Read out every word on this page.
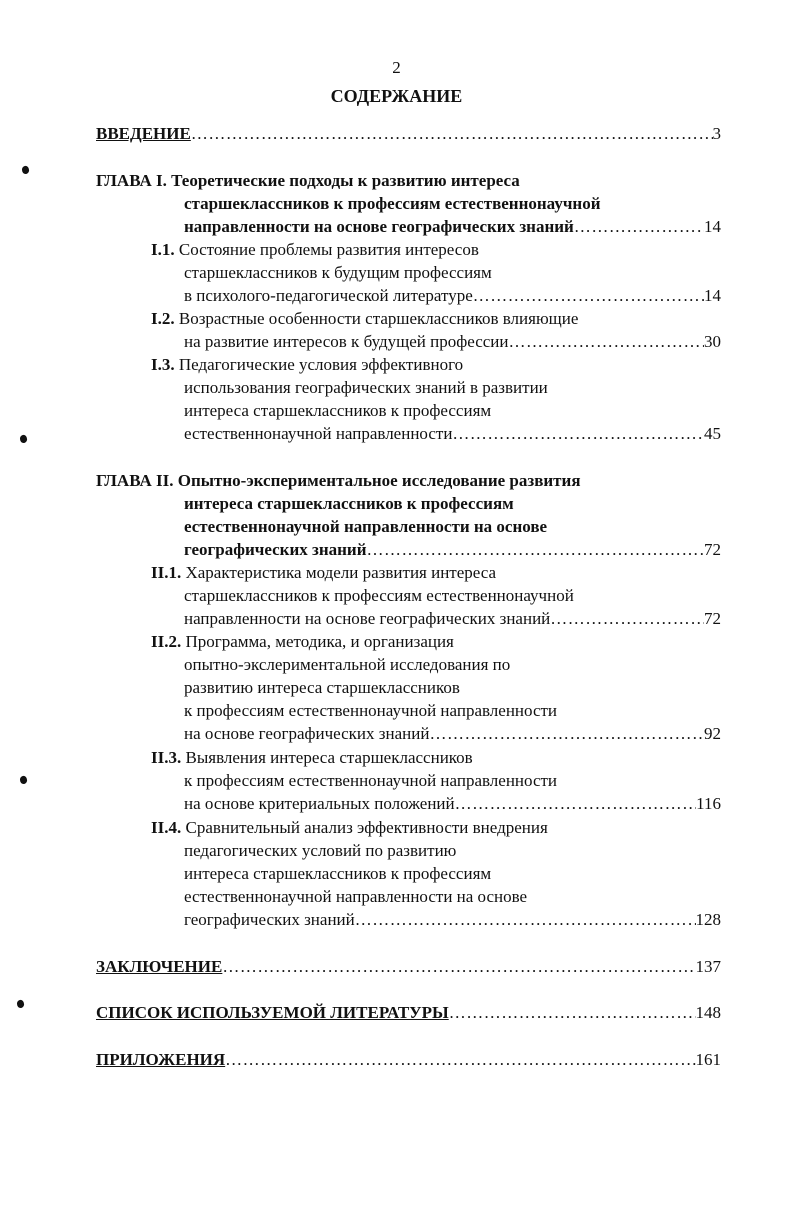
2
СОДЕРЖАНИЕ
ВВЕДЕНИЕ ……………………………………………………………………………………………………………………………………………	3
ГЛАВА I. Теоретические подходы к развитию интереса
старшеклассников к профессиям естественнонаучной
направленности на основе географических знаний ……………………………………………………………………………………………………………………………………………	14
I.1. Состояние проблемы развития интересов
старшеклассников к будущим профессиям
в психолого-педагогической литературе ……………………………………………………………………………………………………………………………………………	14
I.2. Возрастные особенности старшеклассников влияющие
на развитие интересов к будущей профессии ……………………………………………………………………………………………………………………………………………	30
I.3. Педагогические условия эффективного
использования географических знаний в развитии
интереса старшеклассников к профессиям
естественнонаучной направленности ……………………………………………………………………………………………………………………………………………	45
ГЛАВА II. Опытно-экспериментальное исследование развития
интереса старшеклассников к профессиям
естественнонаучной направленности на основе
географических знаний ……………………………………………………………………………………………………………………………………………	72
II.1. Характеристика модели развития интереса
старшеклассников к профессиям естественнонаучной
направленности на основе географических знаний ……………………………………………………………………………………………………………………………………………	72
II.2. Программа, методика, и организация
опытно-экслериментальной исследования по
развитию интереса старшеклассников
к профессиям естественнонаучной направленности
на основе географических знаний ……………………………………………………………………………………………………………………………………………	92
II.3. Выявления интереса старшеклассников
к профессиям естественнонаучной направленности
на основе критериальных положений ……………………………………………………………………………………………………………………………………………	116
II.4. Сравнительный анализ эффективности внедрения
педагогических условий по развитию
интереса старшеклассников к профессиям
естественнонаучной направленности на основе
географических знаний ……………………………………………………………………………………………………………………………………………	128
ЗАКЛЮЧЕНИЕ ……………………………………………………………………………………………………………………………………………	137
СПИСОК ИСПОЛЬЗУЕМОЙ ЛИТЕРАТУРЫ ……………………………………………………………………………………………………………………………………………	148
ПРИЛОЖЕНИЯ ……………………………………………………………………………………………………………………………………………	161
